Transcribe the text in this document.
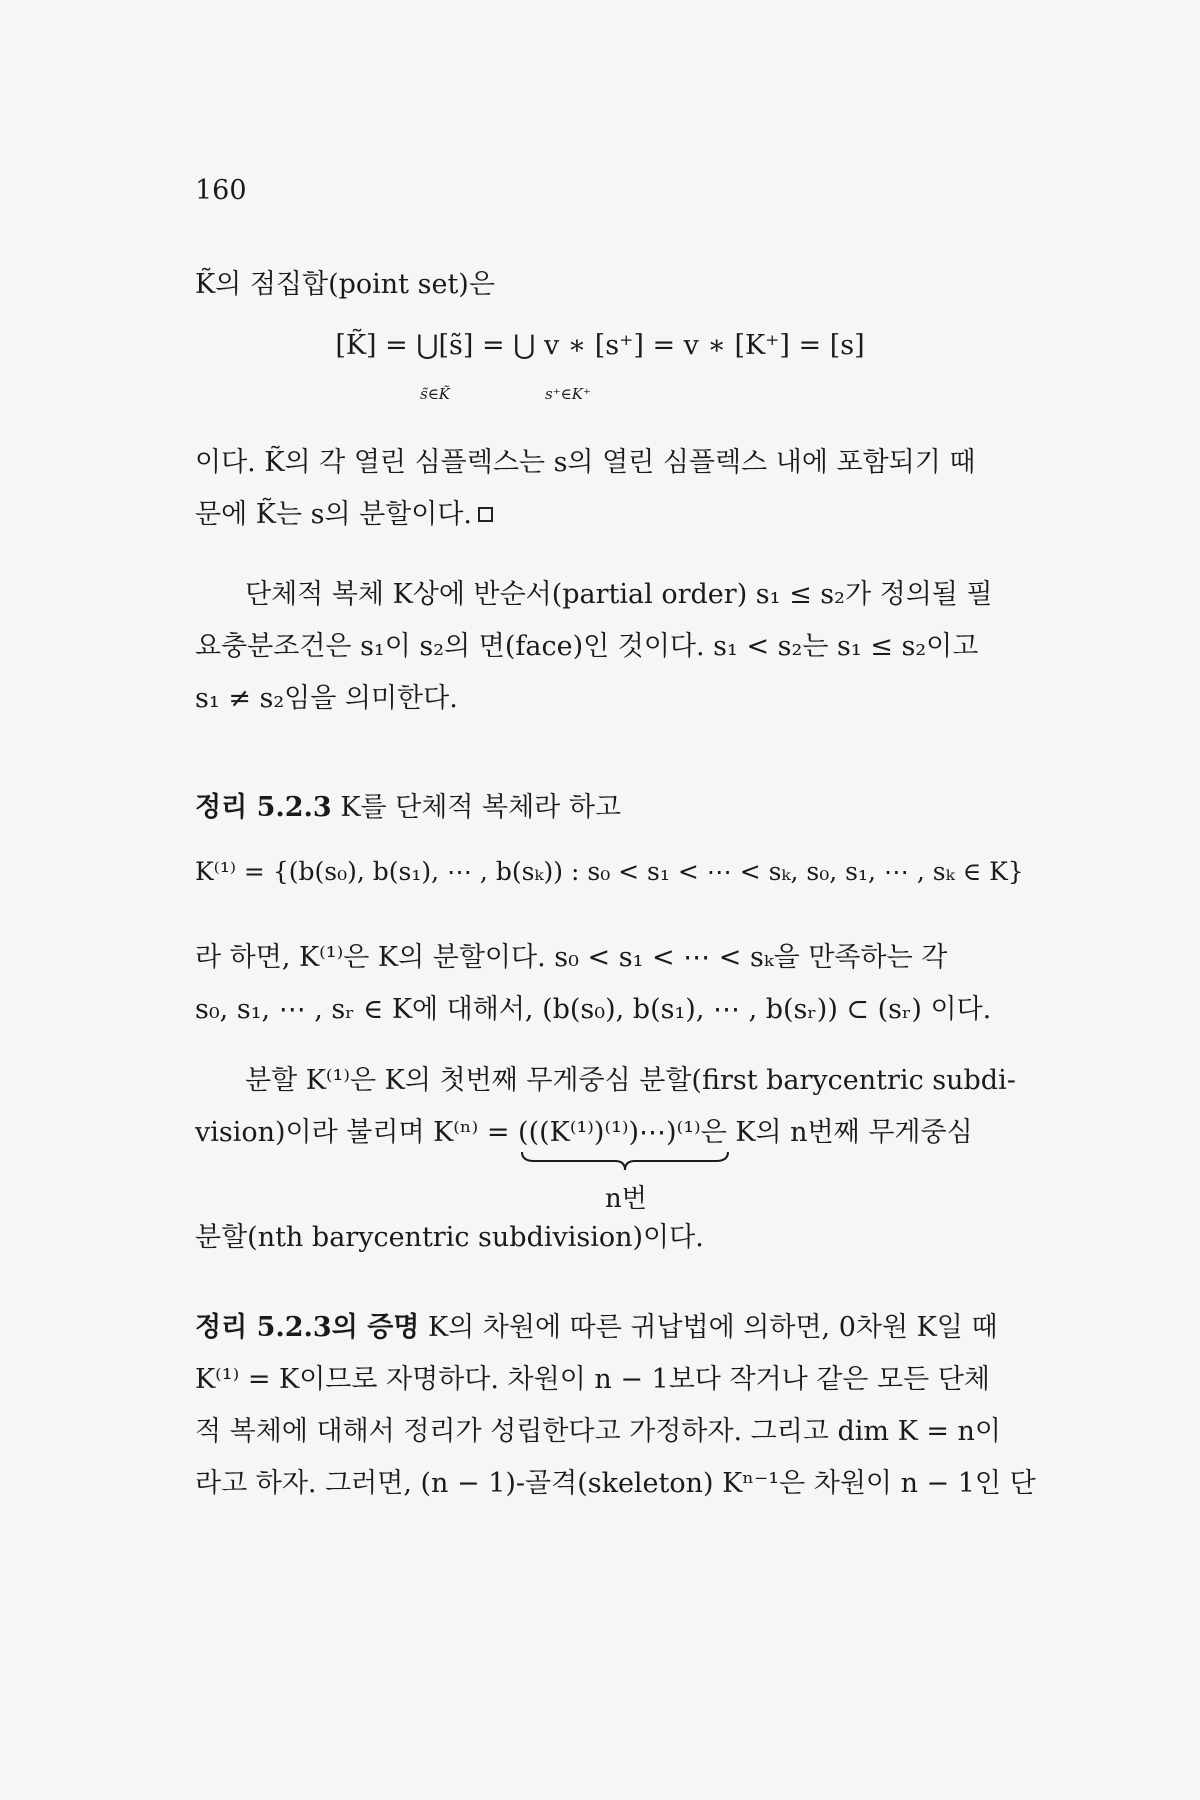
160
K̃의 점집합(point set)은
[K̃] = ⋃[s̃] = ⋃ v ∗ [s⁺] = v ∗ [K⁺] = [s]
s̃∈K̃	s⁺∈K⁺
이다. K̃의 각 열린 심플렉스는 s의 열린 심플렉스 내에 포함되기 때
문에 K̃는 s의 분할이다.
단체적 복체 K상에 반순서(partial order) s₁ ≤ s₂가 정의될 필
요충분조건은 s₁이 s₂의 면(face)인 것이다. s₁ < s₂는 s₁ ≤ s₂이고
s₁ ≠ s₂임을 의미한다.
정리 5.2.3 K를 단체적 복체라 하고
K⁽¹⁾ = {(b(s₀), b(s₁), ⋯ , b(sₖ)) : s₀ < s₁ < ⋯ < sₖ, s₀, s₁, ⋯ , sₖ ∈ K}
라 하면, K⁽¹⁾은 K의 분할이다. s₀ < s₁ < ⋯ < sₖ을 만족하는 각
s₀, s₁, ⋯ , sᵣ ∈ K에 대해서, (b(s₀), b(s₁), ⋯ , b(sᵣ)) ⊂ (sᵣ) 이다.
분할 K⁽¹⁾은 K의 첫번째 무게중심 분할(first barycentric subdi-
vision)이라 불리며 K⁽ⁿ⁾ = (((K⁽¹⁾)⁽¹⁾)⋯)⁽¹⁾은 K의 n번째 무게중심
n번
분할(nth barycentric subdivision)이다.
정리 5.2.3의 증명 K의 차원에 따른 귀납법에 의하면, 0차원 K일 때
K⁽¹⁾ = K이므로 자명하다. 차원이 n − 1보다 작거나 같은 모든 단체
적 복체에 대해서 정리가 성립한다고 가정하자. 그리고 dim K = n이
라고 하자. 그러면, (n − 1)-골격(skeleton) Kⁿ⁻¹은 차원이 n − 1인 단
